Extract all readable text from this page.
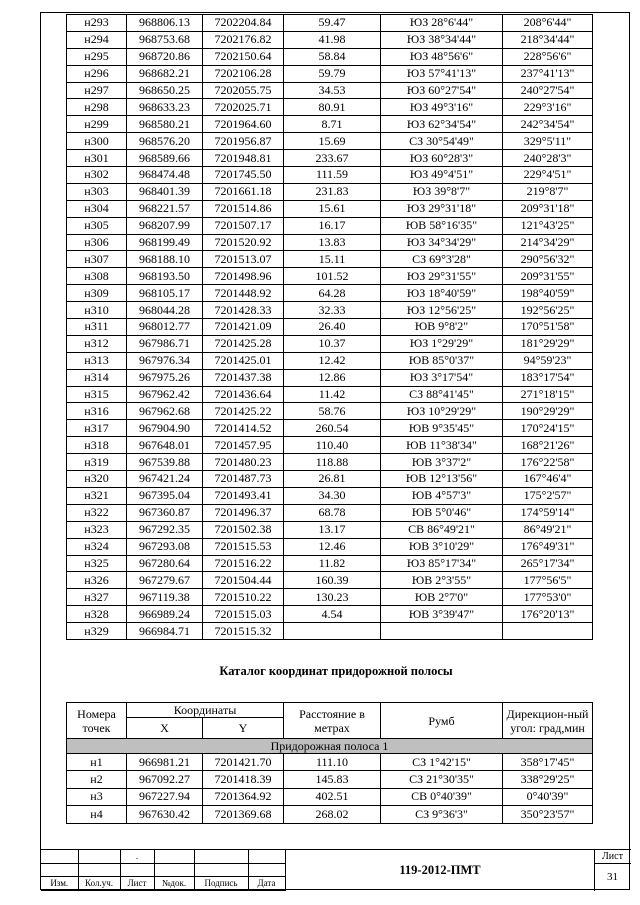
н293	968806.13	7202204.84	59.47	ЮЗ 28°6'44"	208°6'44"
н294	968753.68	7202176.82	41.98	ЮЗ 38°34'44"	218°34'44"
н295	968720.86	7202150.64	58.84	ЮЗ 48°56'6"	228°56'6"
н296	968682.21	7202106.28	59.79	ЮЗ 57°41'13"	237°41'13"
н297	968650.25	7202055.75	34.53	ЮЗ 60°27'54"	240°27'54"
н298	968633.23	7202025.71	80.91	ЮЗ 49°3'16"	229°3'16"
н299	968580.21	7201964.60	8.71	ЮЗ 62°34'54"	242°34'54"
н300	968576.20	7201956.87	15.69	СЗ 30°54'49"	329°5'11"
н301	968589.66	7201948.81	233.67	ЮЗ 60°28'3"	240°28'3"
н302	968474.48	7201745.50	111.59	ЮЗ 49°4'51"	229°4'51"
н303	968401.39	7201661.18	231.83	ЮЗ 39°8'7"	219°8'7"
н304	968221.57	7201514.86	15.61	ЮЗ 29°31'18"	209°31'18"
н305	968207.99	7201507.17	16.17	ЮВ 58°16'35"	121°43'25"
н306	968199.49	7201520.92	13.83	ЮЗ 34°34'29"	214°34'29"
н307	968188.10	7201513.07	15.11	СЗ 69°3'28"	290°56'32"
н308	968193.50	7201498.96	101.52	ЮЗ 29°31'55"	209°31'55"
н309	968105.17	7201448.92	64.28	ЮЗ 18°40'59"	198°40'59"
н310	968044.28	7201428.33	32.33	ЮЗ 12°56'25"	192°56'25"
н311	968012.77	7201421.09	26.40	ЮВ 9°8'2"	170°51'58"
н312	967986.71	7201425.28	10.37	ЮЗ 1°29'29"	181°29'29"
н313	967976.34	7201425.01	12.42	ЮВ 85°0'37"	94°59'23"
н314	967975.26	7201437.38	12.86	ЮЗ 3°17'54"	183°17'54"
н315	967962.42	7201436.64	11.42	СЗ 88°41'45"	271°18'15"
н316	967962.68	7201425.22	58.76	ЮЗ 10°29'29"	190°29'29"
н317	967904.90	7201414.52	260.54	ЮВ 9°35'45"	170°24'15"
н318	967648.01	7201457.95	110.40	ЮВ 11°38'34"	168°21'26"
н319	967539.88	7201480.23	118.88	ЮВ 3°37'2"	176°22'58"
н320	967421.24	7201487.73	26.81	ЮВ 12°13'56"	167°46'4"
н321	967395.04	7201493.41	34.30	ЮВ 4°57'3"	175°2'57"
н322	967360.87	7201496.37	68.78	ЮВ 5°0'46"	174°59'14"
н323	967292.35	7201502.38	13.17	СВ 86°49'21"	86°49'21"
н324	967293.08	7201515.53	12.46	ЮВ 3°10'29"	176°49'31"
н325	967280.64	7201516.22	11.82	ЮЗ 85°17'34"	265°17'34"
н326	967279.67	7201504.44	160.39	ЮВ 2°3'55"	177°56'5"
н327	967119.38	7201510.22	130.23	ЮВ 2°7'0"	177°53'0"
н328	966989.24	7201515.03	4.54	ЮВ 3°39'47"	176°20'13"
н329	966984.71	7201515.32			
Каталог координат придорожной полосы
Номера точек	Координаты		Расстояние в метрах	Румб	Дирекцион-ный угол: град,мин
	X	Y			
Придорожная полоса 1					
н1	966981.21	7201421.70	111.10	СЗ 1°42'15"	358°17'45"
н2	967092.27	7201418.39	145.83	СЗ 21°30'35"	338°29'25"
н3	967227.94	7201364.92	402.51	СВ 0°40'39"	0°40'39"
н4	967630.42	7201369.68	268.02	СЗ 9°36'3"	350°23'57"
		.			

Изм.	Кол.уч.	Лист	№док.	Подпись	Дата
119-2012-ПМТ
Лист
31
